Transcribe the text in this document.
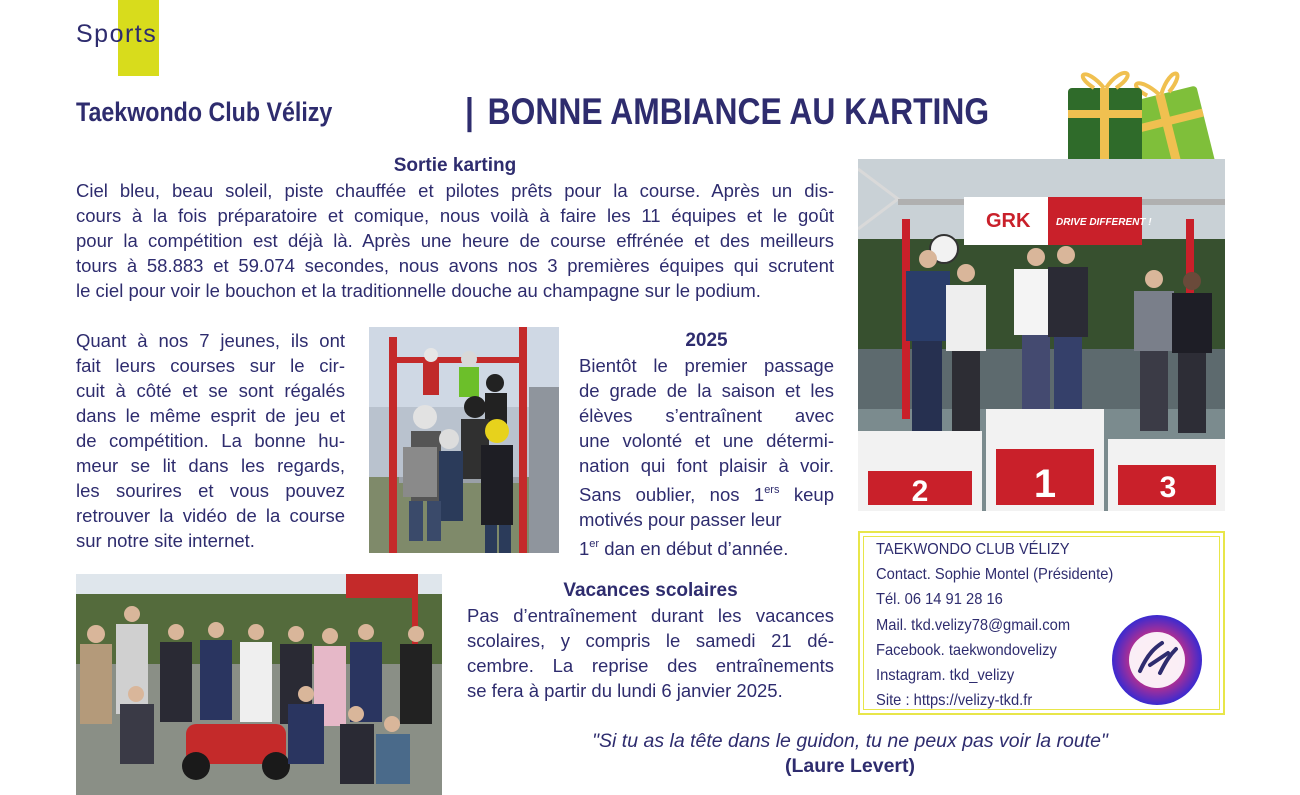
Sports
Taekwondo Club Vélizy	| BONNE AMBIANCE AU KARTING
Sortie karting
Ciel bleu, beau soleil, piste chauffée et pilotes prêts pour la course. Après un dis-
cours à la fois préparatoire et comique, nous voilà à faire les 11 équipes et le goût
pour la compétition est déjà là. Après une heure de course effrénée et des meilleurs
tours à 58.883 et 59.074 secondes, nous avons nos 3 premières équipes qui scrutent
le ciel pour voir le bouchon et la traditionnelle douche au champagne sur le podium.
Quant à nos 7 jeunes, ils ont
fait leurs courses sur le cir-
cuit à côté et se sont régalés
dans le même esprit de jeu et
de compétition. La bonne hu-
meur se lit dans les regards,
les sourires et vous pouvez
retrouver la vidéo de la course
sur notre site internet.
2025
Bientôt le premier passage
de grade de la saison et les
élèves s’entraînent avec
une volonté et une détermi-
nation qui font plaisir à voir.
Sans oublier, nos 1ers keup
motivés pour passer leur
1er dan en début d’année.
GRK	DRIVE DIFFERENT !
2	1	3
Vacances scolaires
Pas d’entraînement durant les vacances
scolaires, y compris le samedi 21 dé-
cembre. La reprise des entraînements
se fera à partir du lundi 6 janvier 2025.
TAEKWONDO CLUB VÉLIZY
Contact. Sophie Montel (Présidente)
Tél. 06 14 91 28 16
Mail. tkd.velizy78@gmail.com
Facebook. taekwondovelizy
Instagram. tkd_velizy
Site : https://velizy-tkd.fr
"Si tu as la tête dans le guidon, tu ne peux pas voir la route"
(Laure Levert)
